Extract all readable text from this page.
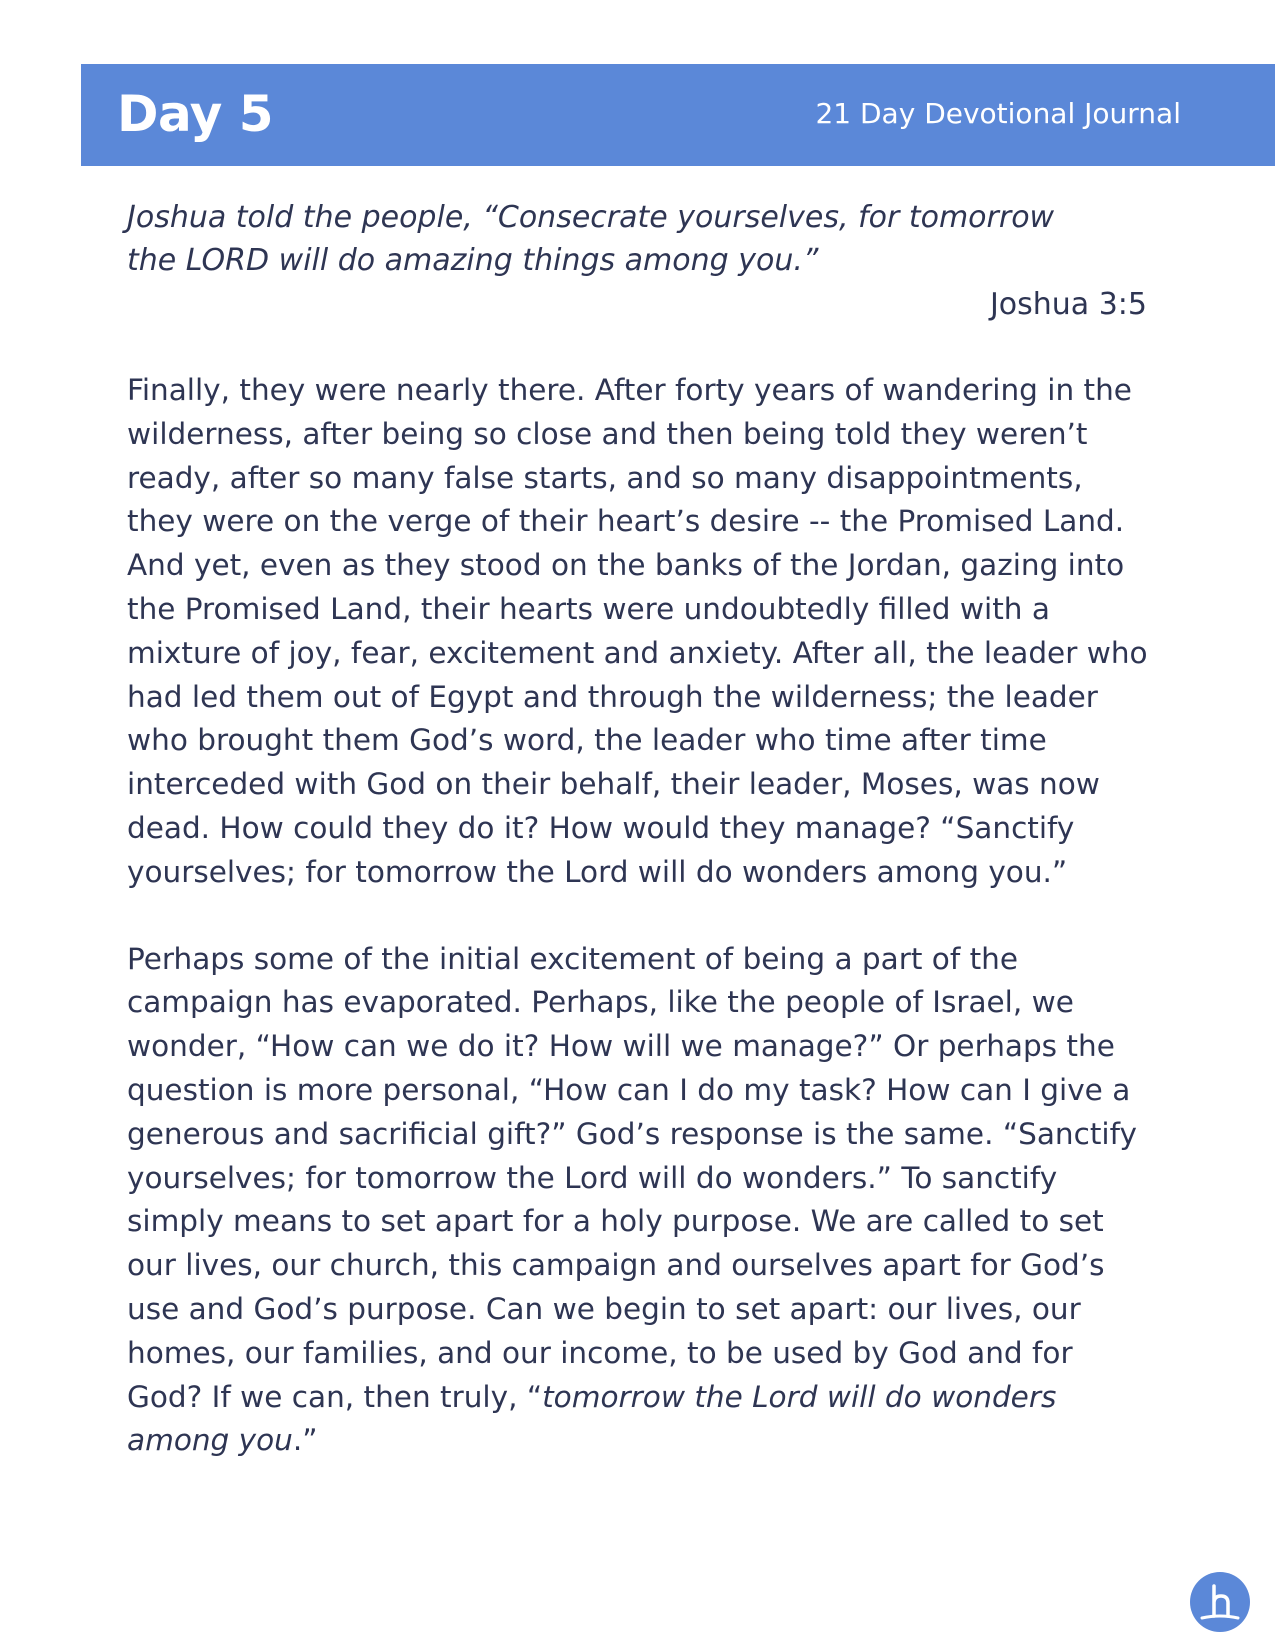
Day 5	21 Day Devotional Journal

Joshua told the people, “Consecrate yourselves, for tomorrow the LORD will do amazing things among you.”

Joshua 3:5

Finally, they were nearly there. After forty years of wandering in the wilderness, after being so close and then being told they weren’t ready, after so many false starts, and so many disappointments, they were on the verge of their heart’s desire -- the Promised Land. And yet, even as they stood on the banks of the Jordan, gazing into the Promised Land, their hearts were undoubtedly filled with a mixture of joy, fear, excitement and anxiety. After all, the leader who had led them out of Egypt and through the wilderness; the leader who brought them God’s word, the leader who time after time interceded with God on their behalf, their leader, Moses, was now dead. How could they do it? How would they manage? “Sanctify yourselves; for tomorrow the Lord will do wonders among you.”

Perhaps some of the initial excitement of being a part of the campaign has evaporated. Perhaps, like the people of Israel, we wonder, “How can we do it? How will we manage?” Or perhaps the question is more personal, “How can I do my task? How can I give a generous and sacrificial gift?” God’s response is the same. “Sanctify yourselves; for tomorrow the Lord will do wonders.” To sanctify simply means to set apart for a holy purpose. We are called to set our lives, our church, this campaign and ourselves apart for God’s use and God’s purpose. Can we begin to set apart: our lives, our homes, our families, and our income, to be used by God and for God? If we can, then truly, “tomorrow the Lord will do wonders among you.”
